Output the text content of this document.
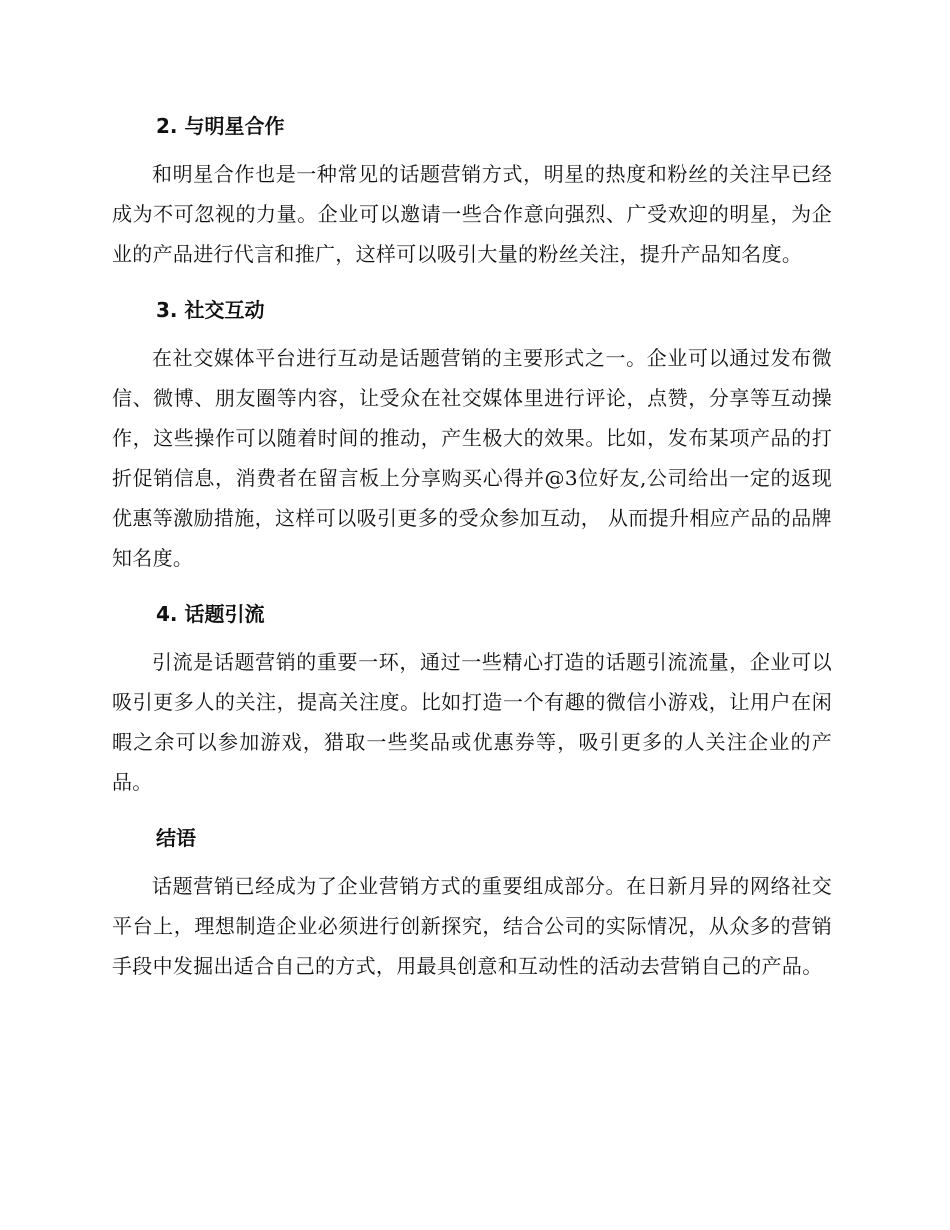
2. 与明星合作

和明星合作也是一种常见的话题营销方式，明星的热度和粉丝的关注早已经成为不可忽视的力量。企业可以邀请一些合作意向强烈、广受欢迎的明星，为企业的产品进行代言和推广，这样可以吸引大量的粉丝关注，提升产品知名度。

3. 社交互动

在社交媒体平台进行互动是话题营销的主要形式之一。企业可以通过发布微信、微博、朋友圈等内容，让受众在社交媒体里进行评论，点赞，分享等互动操作，这些操作可以随着时间的推动，产生极大的效果。比如，发布某项产品的打折促销信息，消费者在留言板上分享购买心得并@3位好友,公司给出一定的返现优惠等激励措施，这样可以吸引更多的受众参加互动， 从而提升相应产品的品牌知名度。

4. 话题引流

引流是话题营销的重要一环，通过一些精心打造的话题引流流量，企业可以吸引更多人的关注，提高关注度。比如打造一个有趣的微信小游戏，让用户在闲暇之余可以参加游戏，猎取一些奖品或优惠券等，吸引更多的人关注企业的产品。

结语

话题营销已经成为了企业营销方式的重要组成部分。在日新月异的网络社交平台上，理想制造企业必须进行创新探究，结合公司的实际情况，从众多的营销手段中发掘出适合自己的方式，用最具创意和互动性的活动去营销自己的产品。
